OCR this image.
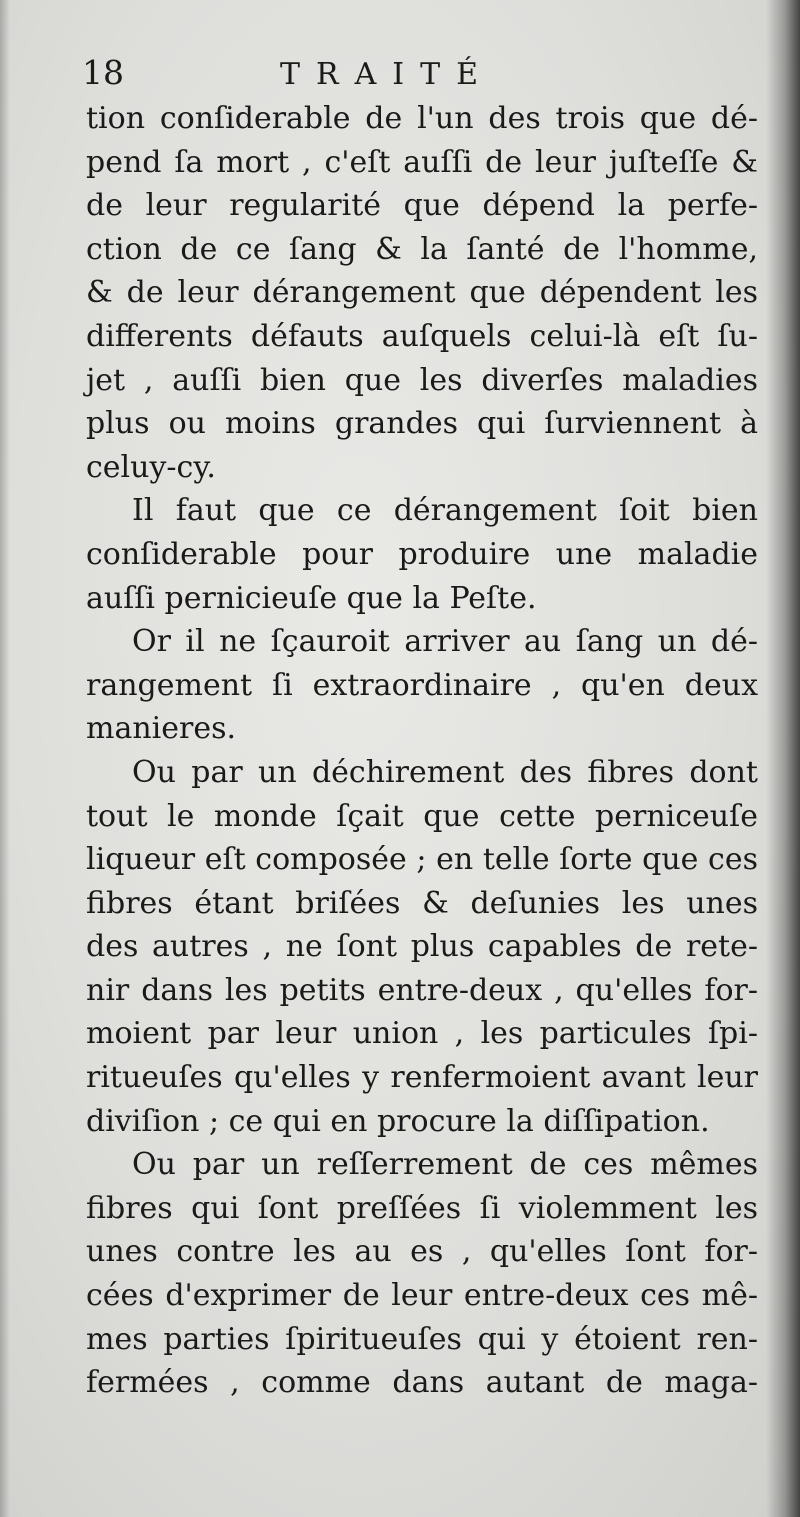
18	TRAITÉ
tion conſiderable de l'un des trois que dé-
pend ſa mort , c'eſt auſſi de leur juſteſſe &
de leur regularité que dépend la perfe-
ction de ce ſang & la ſanté de l'homme,
& de leur dérangement que dépendent les
differents défauts auſquels celui-là eſt ſu-
jet , auſſi bien que les diverſes maladies
plus ou moins grandes qui ſurviennent à
celuy-cy.
Il faut que ce dérangement ſoit bien
conſiderable pour produire une maladie
auſſi pernicieuſe que la Peſte.
Or il ne ſçauroit arriver au ſang un dé-
rangement ſi extraordinaire , qu'en deux
manieres.
Ou par un déchirement des fibres dont
tout le monde ſçait que cette perniceuſe
liqueur eſt composée ; en telle ſorte que ces
fibres étant briſées & deſunies les unes
des autres , ne ſont plus capables de rete-
nir dans les petits entre-deux , qu'elles for-
moient par leur union , les particules ſpi-
ritueuſes qu'elles y renfermoient avant leur
diviſion ; ce qui en procure la diſſipation.
Ou par un reſſerrement de ces mêmes
fibres qui ſont preſſées ſi violemment les
unes contre les au es , qu'elles ſont for-
cées d'exprimer de leur entre-deux ces mê-
mes parties ſpiritueuſes qui y étoient ren-
fermées , comme dans autant de maga-
